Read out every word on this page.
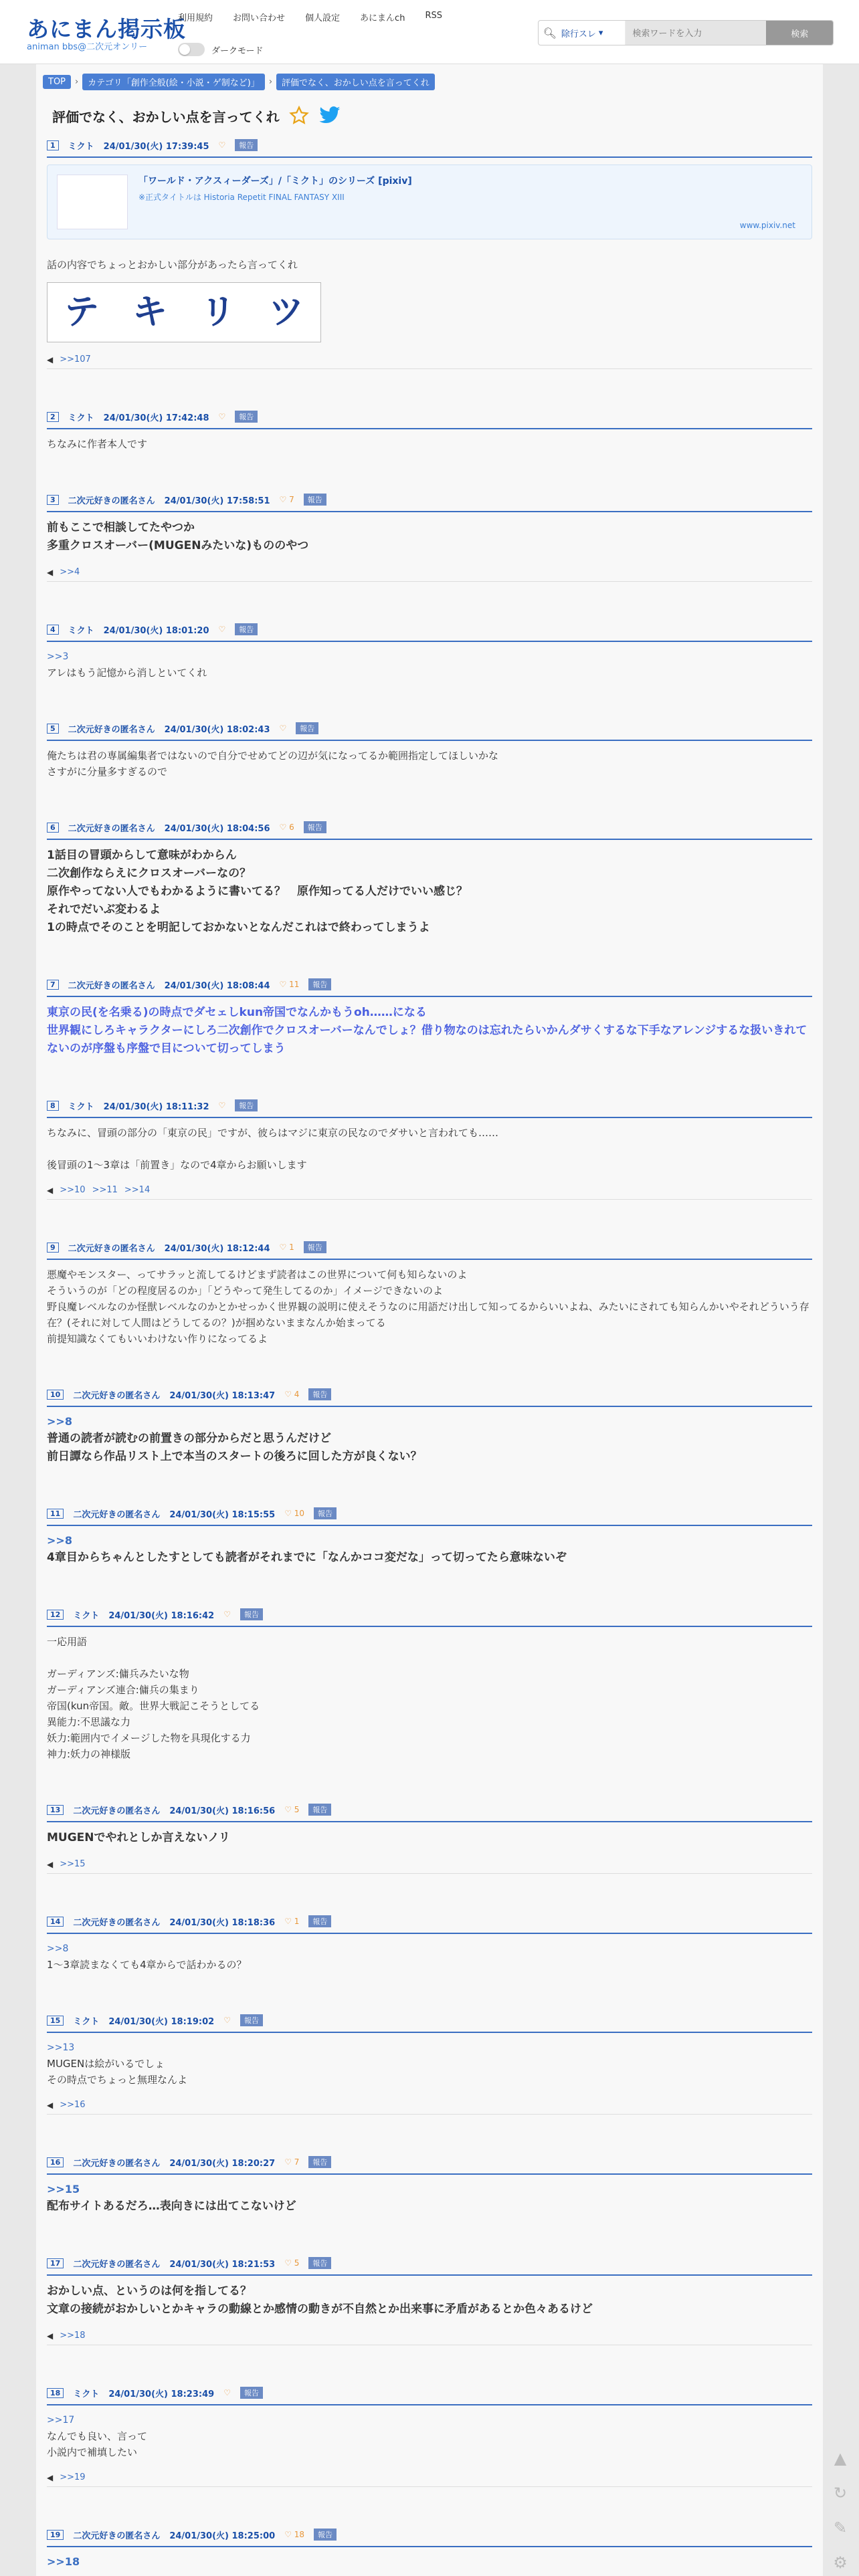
あにまん掲示板
animan bbs@二次元オンリー
利用規約 お問い合わせ 個人設定 あにまんch RSS
ダークモード
🔍︎ 除行スレ ▾
検索ワードを入力	検索
TOP	›	カテゴリ「創作全般(絵・小説・ゲ制など)」	›	評価でなく、おかしい点を言ってくれ
評価でなく、おかしい点を言ってくれ
1	ミクト 24/01/30(火) 17:39:45 ♡	報告
「ワールド・アクスィーダーズ」/「ミクト」のシリーズ [pixiv]
※正式タイトルは Historia Repetit FINAL FANTASY XIII
www.pixiv.net

話の内容でちょっとおかしい部分があったら言ってくれ

テ キ リ ツ
◀ >>107
2	ミクト 24/01/30(火) 17:42:48 ♡	報告

ちなみに作者本人です

3	二次元好きの匿名さん 24/01/30(火) 17:58:51 ♡ 7	報告

前もここで相談してたやつか

多重クロスオーバー(MUGENみたいな)もののやつ

◀ >>4
4	ミクト 24/01/30(火) 18:01:20 ♡	報告

>>3

アレはもう記憶から消しといてくれ

5	二次元好きの匿名さん 24/01/30(火) 18:02:43 ♡	報告

俺たちは君の専属編集者ではないので自分でせめてどの辺が気になってるか範囲指定してほしいかな

さすがに分量多すぎるので

6	二次元好きの匿名さん 24/01/30(火) 18:04:56 ♡ 6	報告

1話目の冒頭からして意味がわからん

二次創作ならえにクロスオーバーなの？

原作やってない人でもわかるように書いてる？　原作知ってる人だけでいい感じ？

それでだいぶ変わるよ

1の時点でそのことを明記しておかないとなんだこれはで終わってしまうよ

7	二次元好きの匿名さん 24/01/30(火) 18:08:44 ♡ 11	報告

東京の民(を名乗る)の時点でダセェしkun帝国でなんかもうoh……になる

世界観にしろキャラクターにしろ二次創作でクロスオーバーなんでしょ？借り物なのは忘れたらいかんダサくするな下手なアレンジするな扱いきれてないのが序盤も序盤で目について切ってしまう

8	ミクト 24/01/30(火) 18:11:32 ♡	報告

ちなみに、冒頭の部分の「東京の民」ですが、彼らはマジに東京の民なのでダサいと言われても……

後冒頭の1〜3章は「前置き」なので4章からお願いします

◀ >>10 >>11 >>14
9	二次元好きの匿名さん 24/01/30(火) 18:12:44 ♡ 1	報告

悪魔やモンスター、ってサラッと流してるけどまず読者はこの世界について何も知らないのよ

そういうのが「どの程度居るのか」「どうやって発生してるのか」イメージできないのよ

野良魔レベルなのか怪獣レベルなのかとかせっかく世界観の説明に使えそうなのに用語だけ出して知ってるからいいよね、みたいにされても知らんかいやそれどういう存在？(それに対して人間はどうしてるの？)が掴めないままなんか始まってる

前提知識なくてもいいわけない作りになってるよ

10	二次元好きの匿名さん 24/01/30(火) 18:13:47 ♡ 4	報告

>>8

普通の読者が読むの前置きの部分からだと思うんだけど

前日譚なら作品リスト上で本当のスタートの後ろに回した方が良くない？

11	二次元好きの匿名さん 24/01/30(火) 18:15:55 ♡ 10	報告

>>8

4章目からちゃんとしたすとしても読者がそれまでに「なんかココ変だな」って切ってたら意味ないぞ

12	ミクト 24/01/30(火) 18:16:42 ♡	報告

一応用語

ガーディアンズ:傭兵みたいな物

ガーディアンズ連合:傭兵の集まり

帝国(kun帝国。敵。世界大戦記こそうとしてる

異能力:不思議な力

妖力:範囲内でイメージした物を具現化する力

神力:妖力の神様版

13	二次元好きの匿名さん 24/01/30(火) 18:16:56 ♡ 5	報告

MUGENでやれとしか言えないノリ

◀ >>15
14	二次元好きの匿名さん 24/01/30(火) 18:18:36 ♡ 1	報告

>>8

1〜3章読まなくても4章からで話わかるの？

15	ミクト 24/01/30(火) 18:19:02 ♡	報告

>>13

MUGENは絵がいるでしょ

その時点でちょっと無理なんよ

◀ >>16
16	二次元好きの匿名さん 24/01/30(火) 18:20:27 ♡ 7	報告

>>15

配布サイトあるだろ…表向きには出てこないけど

17	二次元好きの匿名さん 24/01/30(火) 18:21:53 ♡ 5	報告

おかしい点、というのは何を指してる？

文章の接続がおかしいとかキャラの動線とか感情の動きが不自然とか出来事に矛盾があるとか色々あるけど

◀ >>18
18	ミクト 24/01/30(火) 18:23:49 ♡	報告

>>17

なんでも良い、言って

小説内で補填したい

◀ >>19
19	二次元好きの匿名さん 24/01/30(火) 18:25:00 ♡ 18	報告

>>18

▲
↻
✎
⚙
